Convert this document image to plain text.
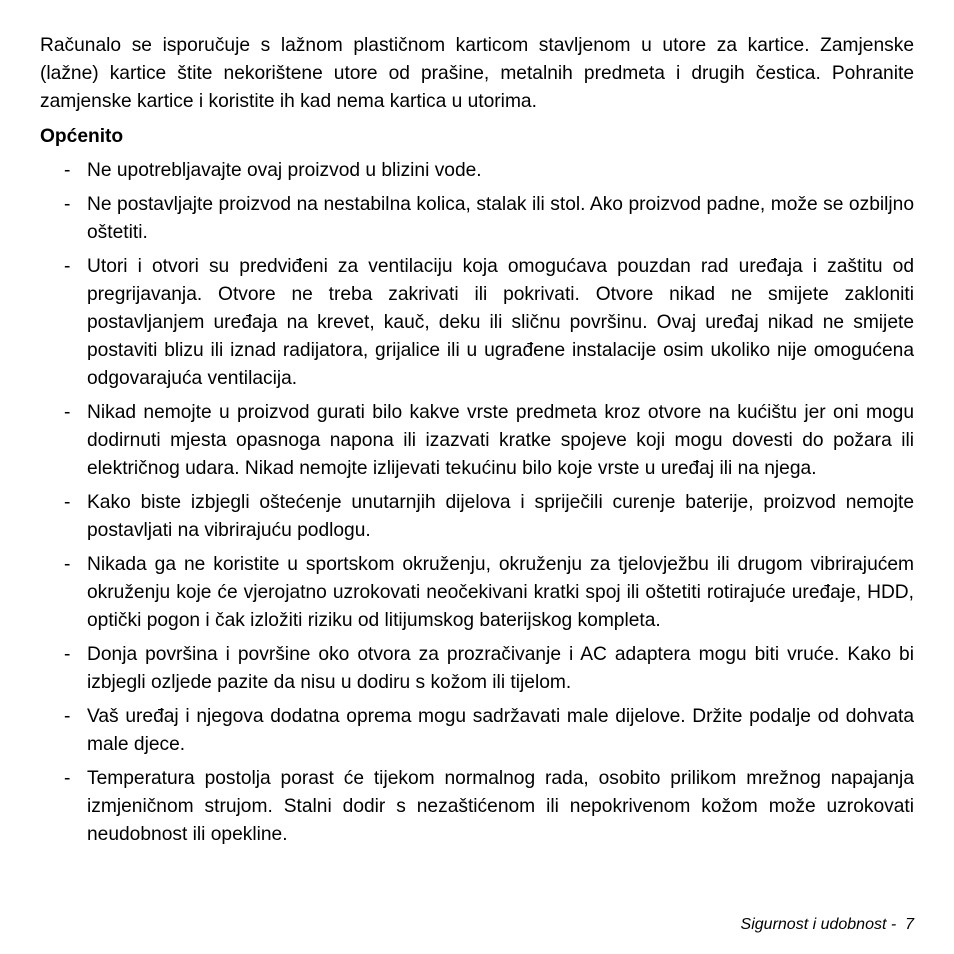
Računalo se isporučuje s lažnom plastičnom karticom stavljenom u utore za kartice. Zamjenske (lažne) kartice štite nekorištene utore od prašine, metalnih predmeta i drugih čestica. Pohranite zamjenske kartice i koristite ih kad nema kartica u utorima.

Općenito
- Ne upotrebljavajte ovaj proizvod u blizini vode.
- Ne postavljajte proizvod na nestabilna kolica, stalak ili stol. Ako proizvod padne, može se ozbiljno oštetiti.
- Utori i otvori su predviđeni za ventilaciju koja omogućava pouzdan rad uređaja i zaštitu od pregrijavanja. Otvore ne treba zakrivati ili pokrivati. Otvore nikad ne smijete zakloniti postavljanjem uređaja na krevet, kauč, deku ili sličnu površinu. Ovaj uređaj nikad ne smijete postaviti blizu ili iznad radijatora, grijalice ili u ugrađene instalacije osim ukoliko nije omogućena odgovarajuća ventilacija.
- Nikad nemojte u proizvod gurati bilo kakve vrste predmeta kroz otvore na kućištu jer oni mogu dodirnuti mjesta opasnoga napona ili izazvati kratke spojeve koji mogu dovesti do požara ili električnog udara. Nikad nemojte izlijevati tekućinu bilo koje vrste u uređaj ili na njega.
- Kako biste izbjegli oštećenje unutarnjih dijelova i spriječili curenje baterije, proizvod nemojte postavljati na vibrirajuću podlogu.
- Nikada ga ne koristite u sportskom okruženju, okruženju za tjelovježbu ili drugom vibrirajućem okruženju koje će vjerojatno uzrokovati neočekivani kratki spoj ili oštetiti rotirajuće uređaje, HDD, optički pogon i čak izložiti riziku od litijumskog baterijskog kompleta.
- Donja površina i površine oko otvora za prozračivanje i AC adaptera mogu biti vruće. Kako bi izbjegli ozljede pazite da nisu u dodiru s kožom ili tijelom.
- Vaš uređaj i njegova dodatna oprema mogu sadržavati male dijelove. Držite podalje od dohvata male djece.
- Temperatura postolja porast će tijekom normalnog rada, osobito prilikom mrežnog napajanja izmjeničnom strujom. Stalni dodir s nezaštićenom ili nepokrivenom kožom može uzrokovati neudobnost ili opekline.
Sigurnost i udobnost -  7
